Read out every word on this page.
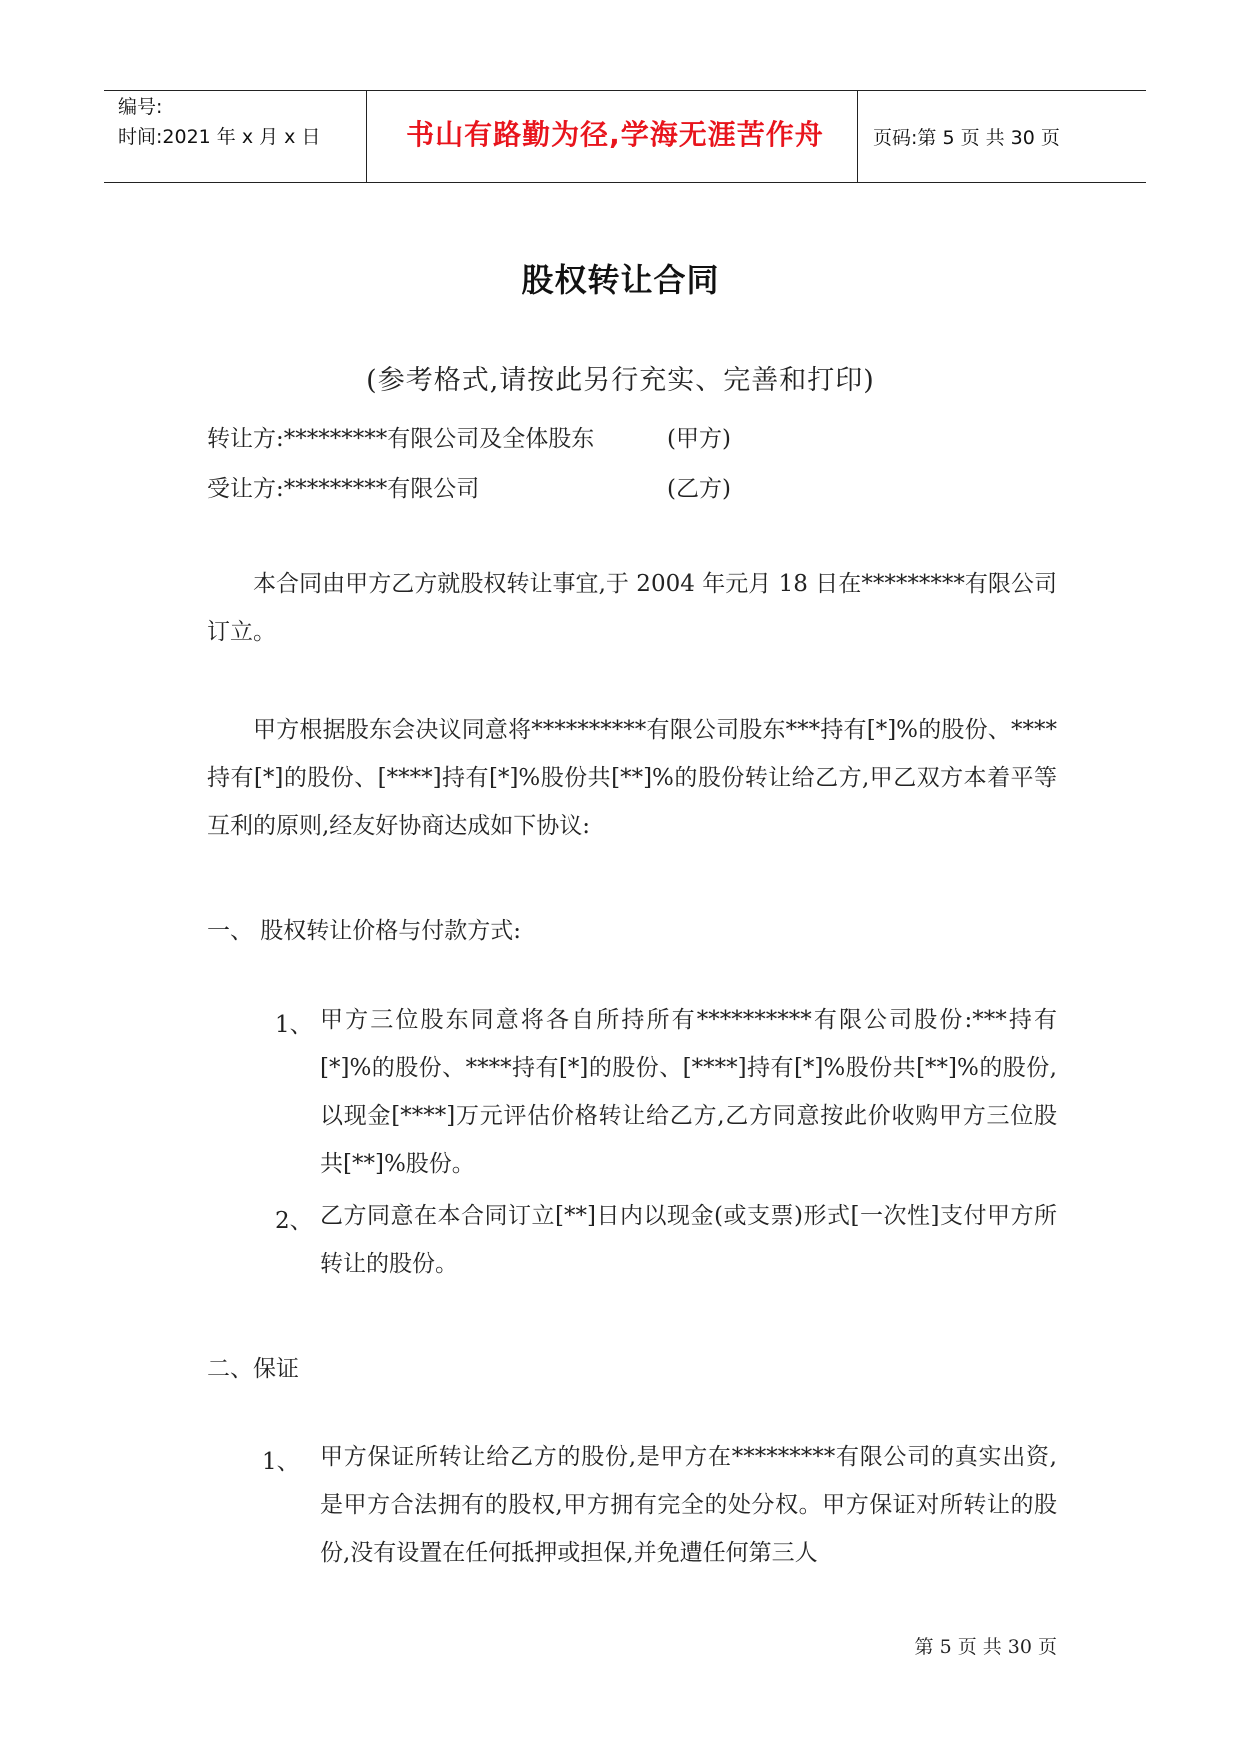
编号:
时间:2021 年 x 月 x 日	书山有路勤为径,学海无涯苦作舟	页码:第 5 页 共 30 页
股权转让合同
(参考格式,请按此另行充实、完善和打印)
转让方:*********有限公司及全体股东	(甲方)
受让方:*********有限公司	(乙方)

本合同由甲方乙方就股权转让事宜,于 2004 年元月 18 日在*********有限公司订立。

甲方根据股东会决议同意将**********有限公司股东***持有[*]%的股份、****持有[*]的股份、[****]持有[*]%股份共[**]%的股份转让给乙方,甲乙双方本着平等互利的原则,经友好协商达成如下协议:

一、 股权转让价格与付款方式:
1、 甲方三位股东同意将各自所持所有**********有限公司股份:***持有[*]%的股份、****持有[*]的股份、[****]持有[*]%股份共[**]%的股份,以现金[****]万元评估价格转让给乙方,乙方同意按此价收购甲方三位股共[**]%股份。

2、 乙方同意在本合同订立[**]日内以现金(或支票)形式[一次性]支付甲方所转让的股份。

二、保证
1、 甲方保证所转让给乙方的股份,是甲方在*********有限公司的真实出资,是甲方合法拥有的股权,甲方拥有完全的处分权。甲方保证对所转让的股份,没有设置在任何抵押或担保,并免遭任何第三人

第 5 页 共 30 页
